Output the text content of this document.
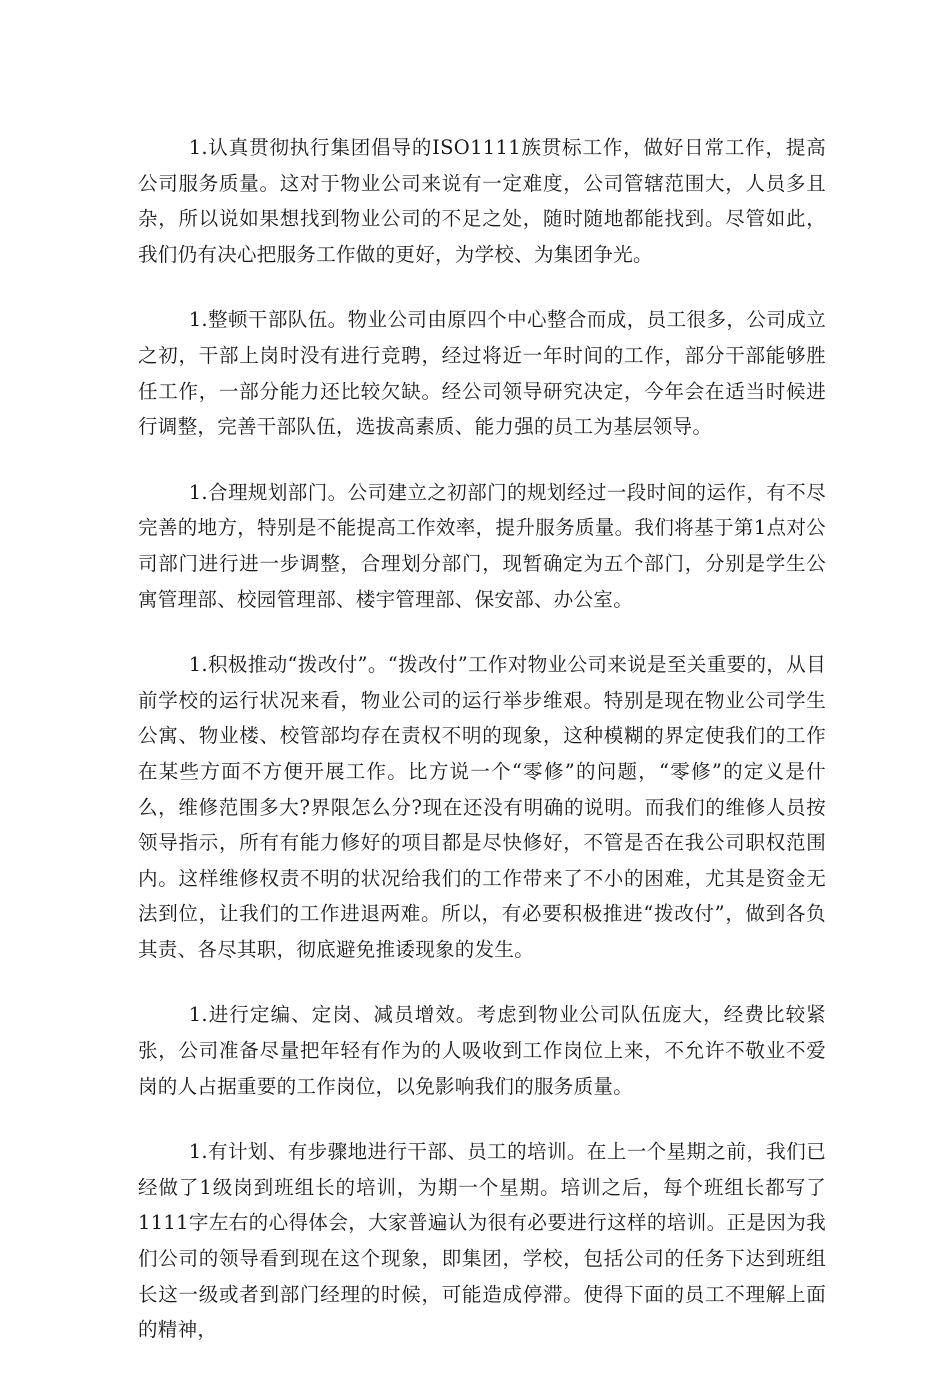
1.认真贯彻执行集团倡导的ISO1111族贯标工作，做好日常工作，提高公司服务质量。这对于物业公司来说有一定难度，公司管辖范围大，人员多且杂，所以说如果想找到物业公司的不足之处，随时随地都能找到。尽管如此，我们仍有决心把服务工作做的更好，为学校、为集团争光。

1.整顿干部队伍。物业公司由原四个中心整合而成，员工很多，公司成立之初，干部上岗时没有进行竞聘，经过将近一年时间的工作，部分干部能够胜任工作，一部分能力还比较欠缺。经公司领导研究决定，今年会在适当时候进行调整，完善干部队伍，选拔高素质、能力强的员工为基层领导。

1.合理规划部门。公司建立之初部门的规划经过一段时间的运作，有不尽完善的地方，特别是不能提高工作效率，提升服务质量。我们将基于第1点对公司部门进行进一步调整，合理划分部门，现暂确定为五个部门，分别是学生公寓管理部、校园管理部、楼宇管理部、保安部、办公室。

1.积极推动“拨改付”。“拨改付”工作对物业公司来说是至关重要的，从目前学校的运行状况来看，物业公司的运行举步维艰。特别是现在物业公司学生公寓、物业楼、校管部均存在责权不明的现象，这种模糊的界定使我们的工作在某些方面不方便开展工作。比方说一个“零修”的问题，“零修”的定义是什么，维修范围多大?界限怎么分?现在还没有明确的说明。而我们的维修人员按领导指示，所有有能力修好的项目都是尽快修好，不管是否在我公司职权范围内。这样维修权责不明的状况给我们的工作带来了不小的困难，尤其是资金无法到位，让我们的工作进退两难。所以，有必要积极推进“拨改付”，做到各负其责、各尽其职，彻底避免推诿现象的发生。

1.进行定编、定岗、减员增效。考虑到物业公司队伍庞大，经费比较紧张，公司准备尽量把年轻有作为的人吸收到工作岗位上来，不允许不敬业不爱岗的人占据重要的工作岗位，以免影响我们的服务质量。

1.有计划、有步骤地进行干部、员工的培训。在上一个星期之前，我们已经做了1级岗到班组长的培训，为期一个星期。培训之后，每个班组长都写了1111字左右的心得体会，大家普遍认为很有必要进行这样的培训。正是因为我们公司的领导看到现在这个现象，即集团，学校，包括公司的任务下达到班组长这一级或者到部门经理的时候，可能造成停滞。使得下面的员工不理解上面的精神，
